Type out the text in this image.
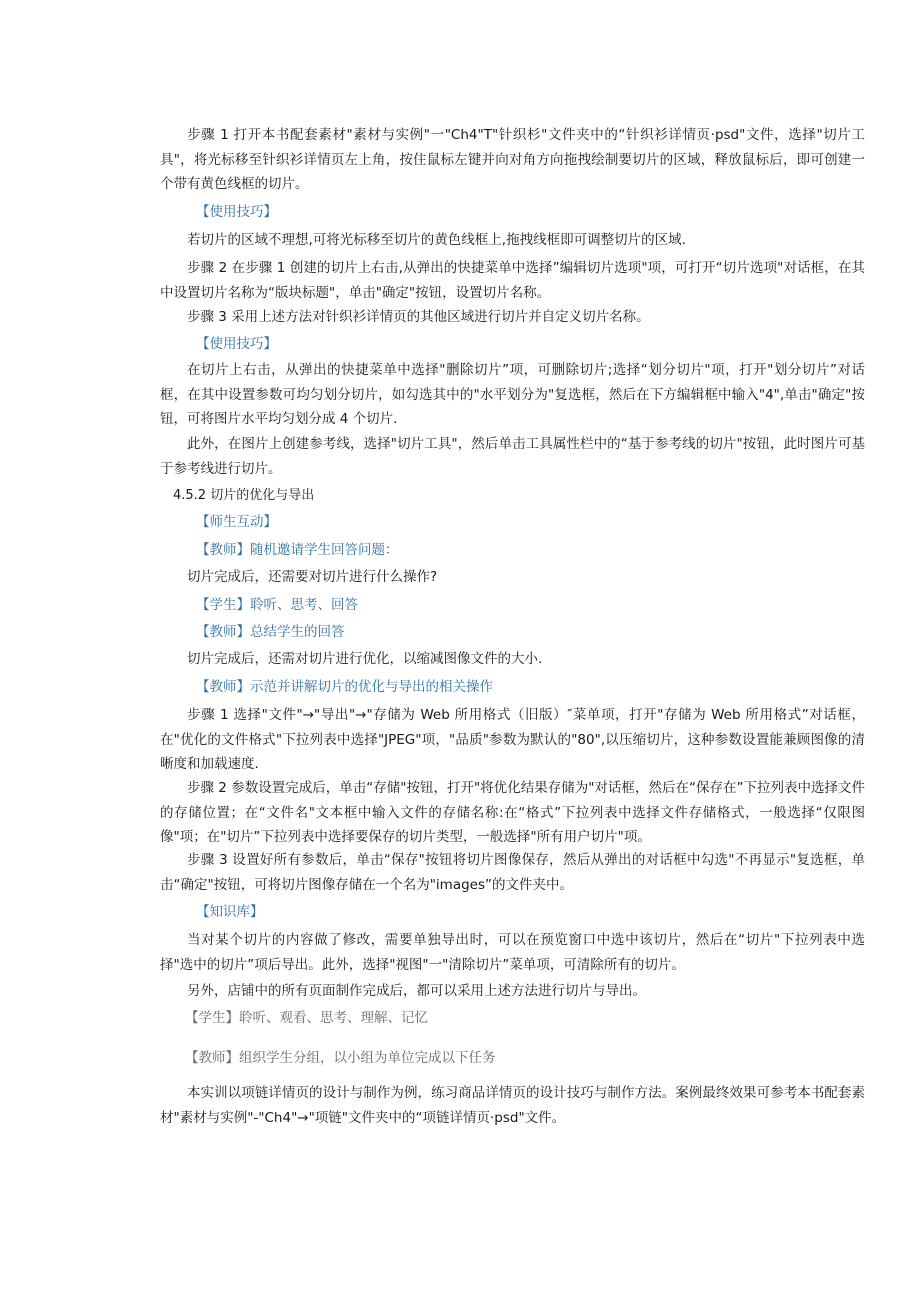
步骤 1 打开本书配套素材"素材与实例"一"Ch4"T"针织杉"文件夹中的“针织衫详情页·psd"文件，选择"切片工具"，将光标移至针织衫详情页左上角，按住鼠标左键并向对角方向拖拽绘制要切片的区域，释放鼠标后，即可创建一个带有黄色线框的切片。
【使用技巧】
若切片的区域不理想,可将光标移至切片的黄色线框上,拖拽线框即可调整切片的区域.
步骤 2 在步骤 1 创建的切片上右击,从弹出的快捷菜单中选择”编辑切片选项"项，可打开“切片选项"对话框，在其中设置切片名称为“版块标题"，单击"确定"按钮，设置切片名称。
步骤 3 采用上述方法对针织衫详情页的其他区域进行切片并自定义切片名称。
【使用技巧】
在切片上右击，从弹出的快捷菜单中选择"删除切片”项，可删除切片;选择“划分切片"项，打开"划分切片”对话框，在其中设置参数可均匀划分切片，如勾选其中的"水平划分为"复选框，然后在下方编辑框中输入"4",单击"确定"按钮，可将图片水平均匀划分成 4 个切片.
此外，在图片上创建参考线，选择"切片工具"，然后单击工具属性栏中的“基于参考线的切片"按钮，此时图片可基于参考线进行切片。
4.5.2 切片的优化与导出
【师生互动】
【教师】随机邀请学生回答问题：
切片完成后，还需要对切片进行什么操作?
【学生】聆听、思考、回答
【教师】总结学生的回答
切片完成后，还需对切片进行优化，以缩减图像文件的大小.
【教师】示范并讲解切片的优化与导出的相关操作
步骤 1 选择"文件"→"导出"→"存储为 Web 所用格式（旧版）″菜单项，打开"存储为 Web 所用格式”对话框，在"优化的文件格式"下拉列表中选择"JPEG"项，"品质"参数为默认的"80",以压缩切片，这种参数设置能兼顾图像的清晰度和加载速度.
步骤 2 参数设置完成后，单击“存储"按钮，打开"将优化结果存储为"对话框，然后在“保存在”下拉列表中选择文件的存储位置；在“文件名"文本框中输入文件的存储名称:在“格式”下拉列表中选择文件存储格式，一般选择“仅限图像"项；在"切片”下拉列表中选择要保存的切片类型，一般选择"所有用户切片"项。
步骤 3 设置好所有参数后，单击“保存"按钮将切片图像保存，然后从弹出的对话框中勾选"不再显示"复选框，单击“确定"按钮，可将切片图像存储在一个名为"images”的文件夹中。
【知识库】
当对某个切片的内容做了修改，需要单独导出时，可以在预览窗口中选中该切片，然后在“切片"下拉列表中选择"选中的切片”项后导出。此外，选择"视图"一"清除切片”菜单项，可清除所有的切片。
另外，店铺中的所有页面制作完成后，都可以采用上述方法进行切片与导出。
【学生】聆听、观看、思考、理解、记忆
【教师】组织学生分组，以小组为单位完成以下任务
本实训以项链详情页的设计与制作为例，练习商品详情页的设计技巧与制作方法。案例最终效果可参考本书配套素材"素材与实例"-"Ch4"→"项链"文件夹中的“项链详情页·psd"文件。
